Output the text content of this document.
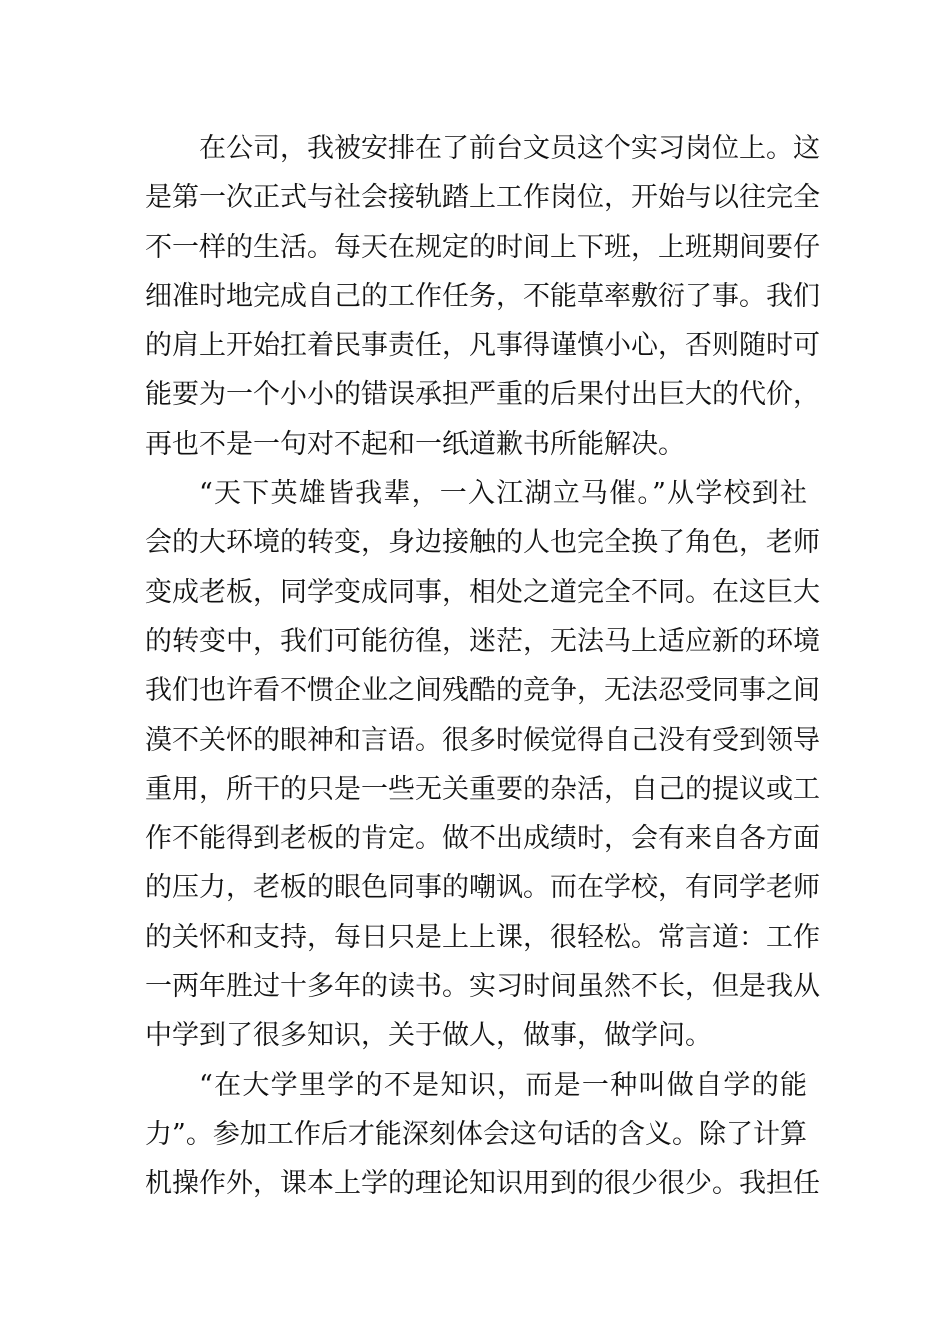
在公司，我被安排在了前台文员这个实习岗位上。这
是第一次正式与社会接轨踏上工作岗位，开始与以往完全
不一样的生活。每天在规定的时间上下班，上班期间要仔
细准时地完成自己的工作任务，不能草率敷衍了事。我们
的肩上开始扛着民事责任，凡事得谨慎小心，否则随时可
能要为一个小小的错误承担严重的后果付出巨大的代价，
再也不是一句对不起和一纸道歉书所能解决。
“天下英雄皆我辈，一入江湖立马催。”从学校到社
会的大环境的转变，身边接触的人也完全换了角色，老师
变成老板，同学变成同事，相处之道完全不同。在这巨大
的转变中，我们可能彷徨，迷茫，无法马上适应新的环境
我们也许看不惯企业之间残酷的竞争，无法忍受同事之间
漠不关怀的眼神和言语。很多时候觉得自己没有受到领导
重用，所干的只是一些无关重要的杂活，自己的提议或工
作不能得到老板的肯定。做不出成绩时，会有来自各方面
的压力，老板的眼色同事的嘲讽。而在学校，有同学老师
的关怀和支持，每日只是上上课，很轻松。常言道：工作
一两年胜过十多年的读书。实习时间虽然不长，但是我从
中学到了很多知识，关于做人，做事，做学问。
“在大学里学的不是知识，而是一种叫做自学的能
力”。参加工作后才能深刻体会这句话的含义。除了计算
机操作外，课本上学的理论知识用到的很少很少。我担任
